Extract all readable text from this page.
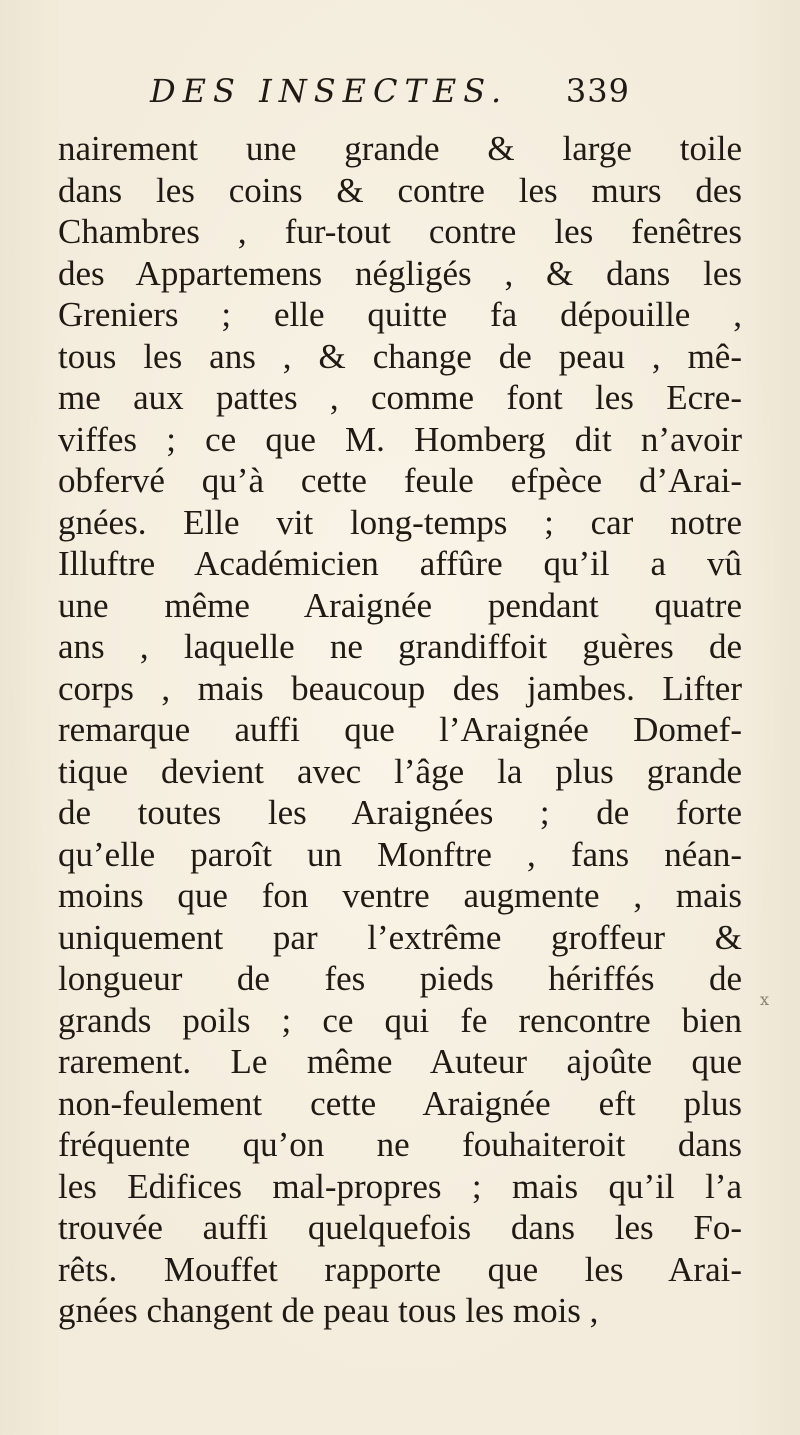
DES INSECTES. 339
nairement une grande & large toile
dans les coins & contre les murs des
Chambres , fur-tout contre les fenêtres
des Appartemens négligés , & dans les
Greniers ; elle quitte fa dépouille ,
tous les ans , & change de peau , mê-
me aux pattes , comme font les Ecre-
viffes ; ce que M. Homberg dit n’avoir
obfervé qu’à cette feule efpèce d’Arai-
gnées. Elle vit long-temps ; car notre
Illuftre Académicien affûre qu’il a vû
une même Araignée pendant quatre
ans , laquelle ne grandiffoit guères de
corps , mais beaucoup des jambes. Lifter
remarque auffi que l’Araignée Domef-
tique devient avec l’âge la plus grande
de toutes les Araignées ; de forte
qu’elle paroît un Monftre , fans néan-
moins que fon ventre augmente , mais
uniquement par l’extrême groffeur &
longueur de fes pieds hériffés de
grands poils ; ce qui fe rencontre bien
rarement. Le même Auteur ajoûte que
non-feulement cette Araignée eft plus
fréquente qu’on ne fouhaiteroit dans
les Edifices mal-propres ; mais qu’il l’a
trouvée auffi quelquefois dans les Fo-
rêts. Mouffet rapporte que les Arai-
gnées changent de peau tous les mois ,
x
